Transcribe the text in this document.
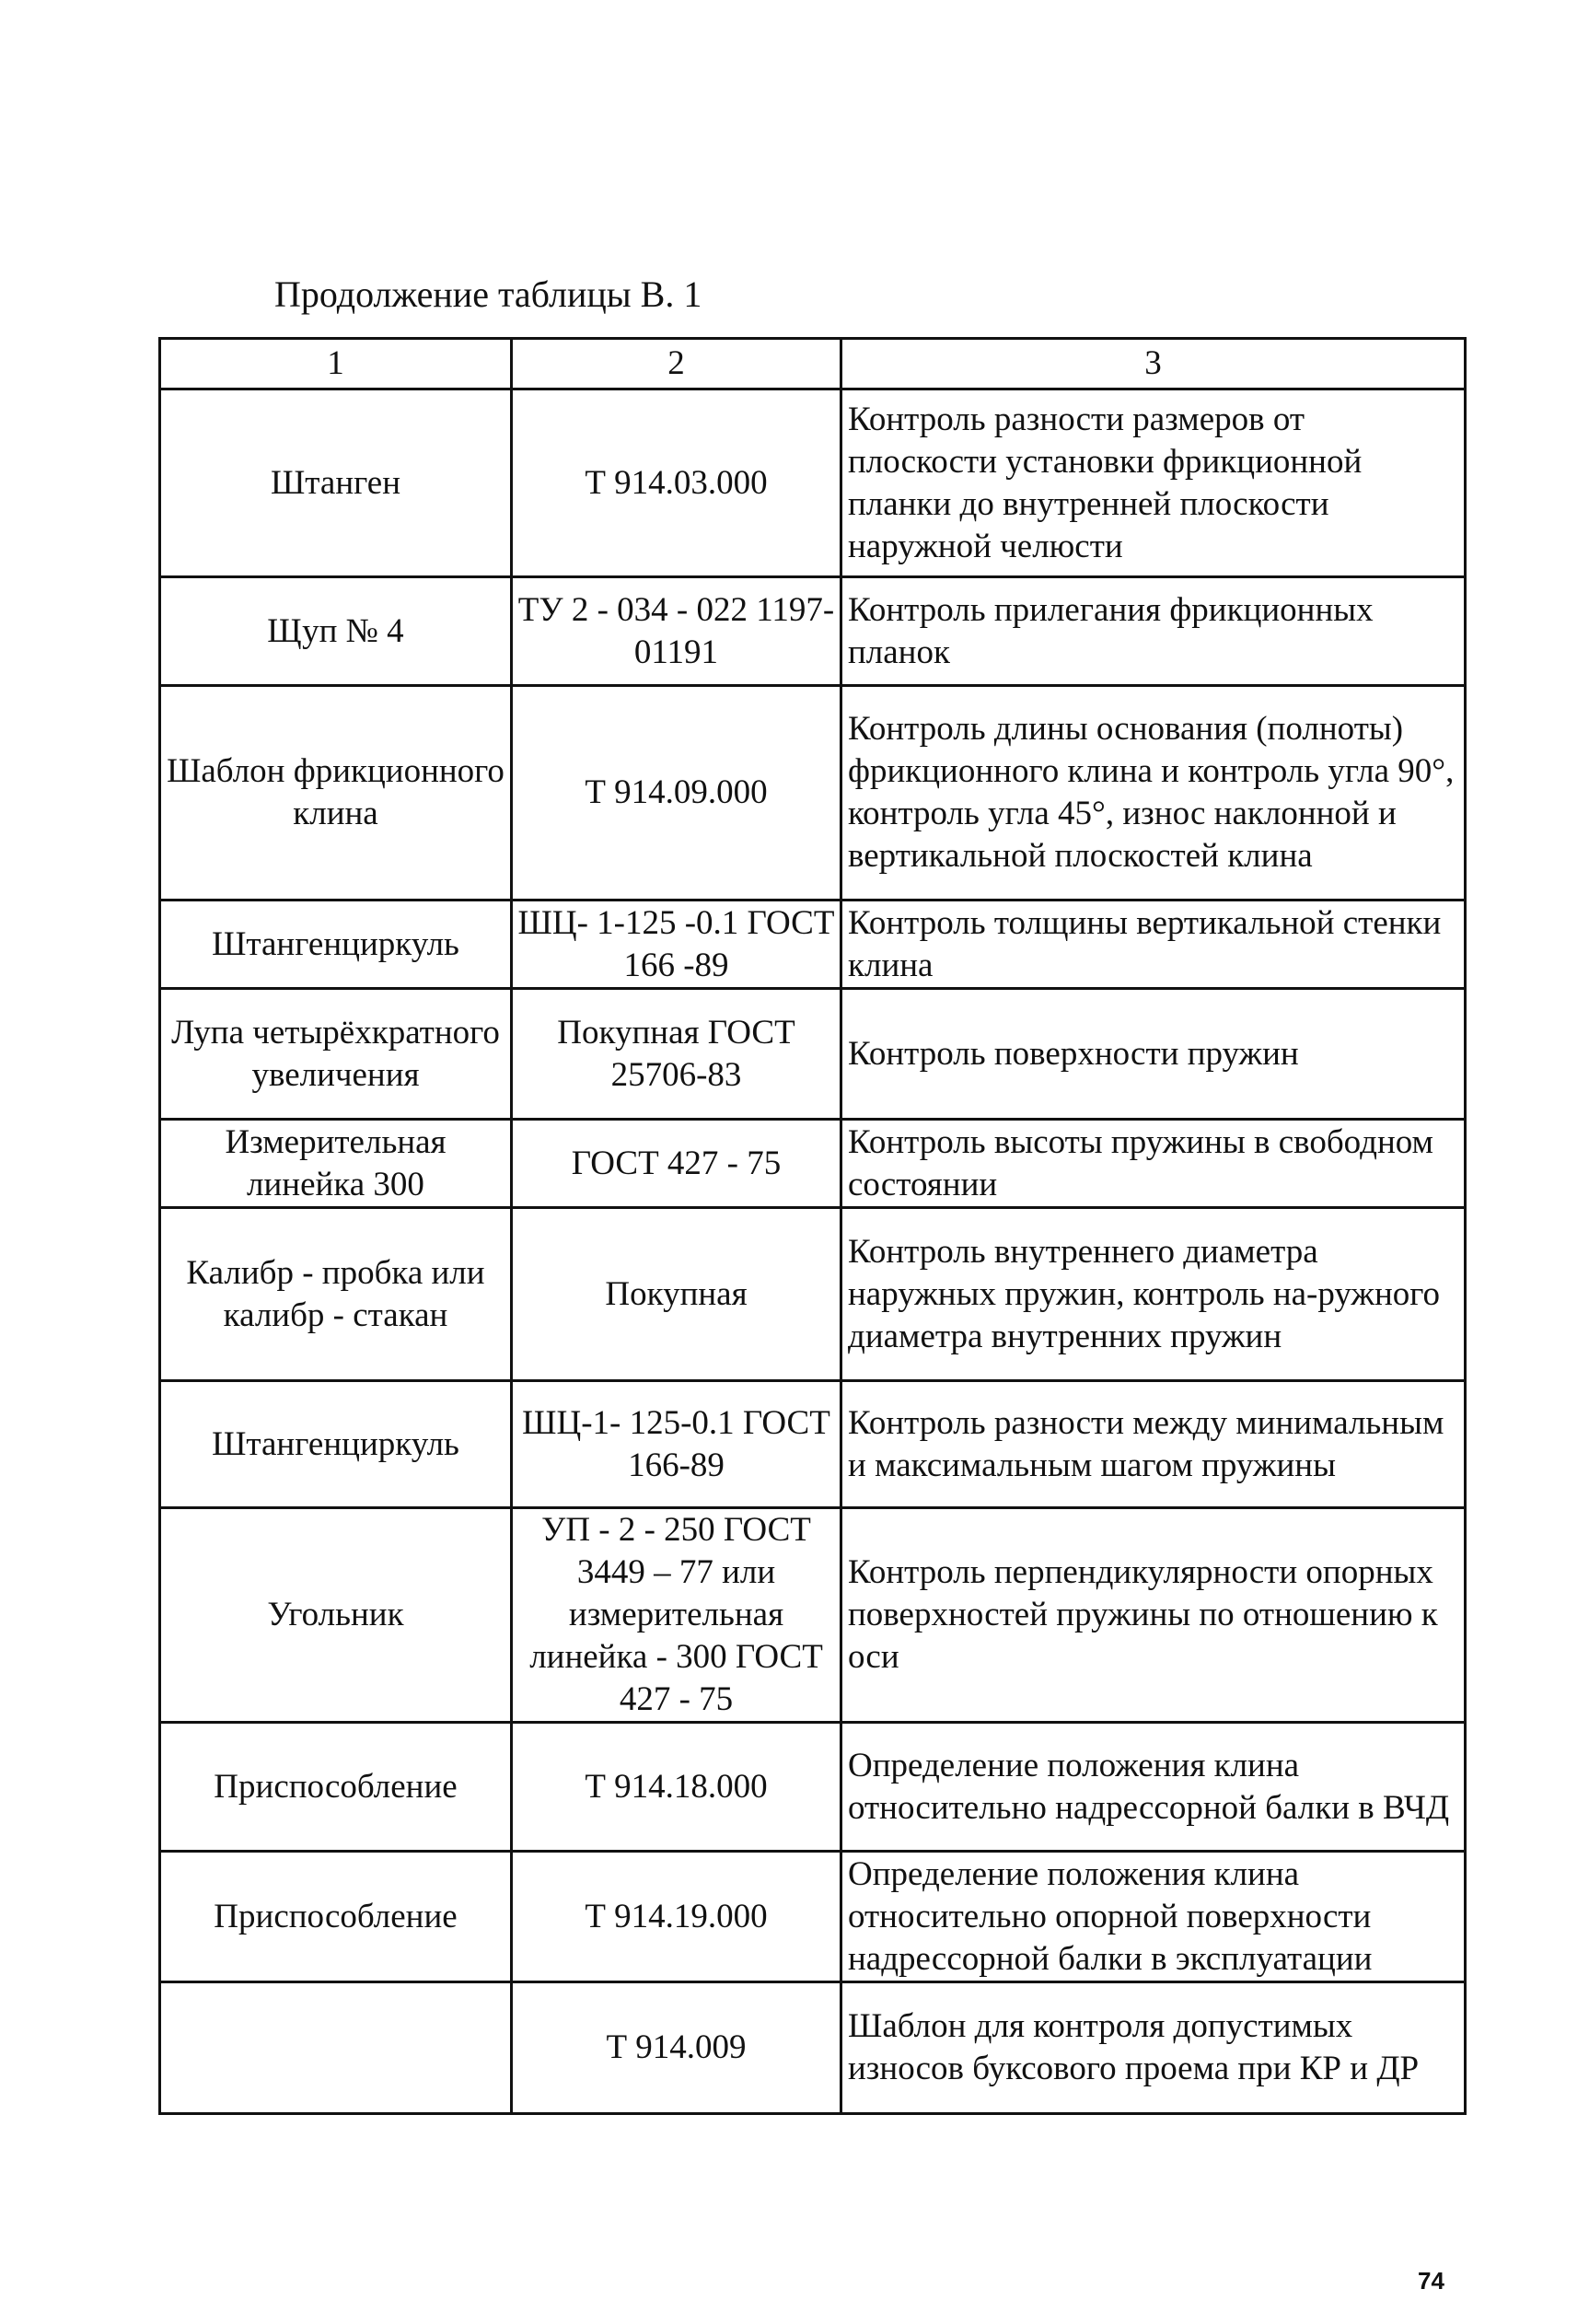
Продолжение таблицы В. 1
1	2	3
Штанген	Т 914.03.000	Контроль разности размеров от плоскости установки фрикционной планки до внутренней плоскости наружной челюсти
Щуп № 4	ТУ 2 - 034 - 022 1197-01191	Контроль прилегания фрикционных планок
Шаблон фрикционного клина	Т 914.09.000	Контроль длины основания (полноты) фрикционного клина и контроль угла 90°, контроль угла 45°, износ наклонной и вертикальной плоскостей клина
Штангенциркуль	ШЦ- 1-125 -0.1 ГОСТ 166 -89	Контроль толщины вертикальной стенки клина
Лупа четырёхкратного увеличения	Покупная ГОСТ 25706-83	Контроль поверхности пружин
Измерительная линейка 300	ГОСТ 427 - 75	Контроль высоты пружины в свободном состоянии
Калибр - пробка или калибр - стакан	Покупная	Контроль внутреннего диаметра наружных пружин, контроль на-ружного диаметра внутренних пружин
Штангенциркуль	ШЦ-1- 125-0.1 ГОСТ 166-89	Контроль разности между минимальным и максимальным шагом пружины
Угольник	УП - 2 - 250 ГОСТ 3449 – 77 или измерительная линейка - 300 ГОСТ 427 - 75	Контроль перпендикулярности опорных поверхностей пружины по отношению к оси
Приспособление	Т 914.18.000	Определение положения клина относительно надрессорной балки в ВЧД
Приспособление	Т 914.19.000	Определение положения клина относительно опорной поверхности надрессорной балки в эксплуатации
	Т 914.009	Шаблон для контроля допустимых износов буксового проема при КР и ДР
74
